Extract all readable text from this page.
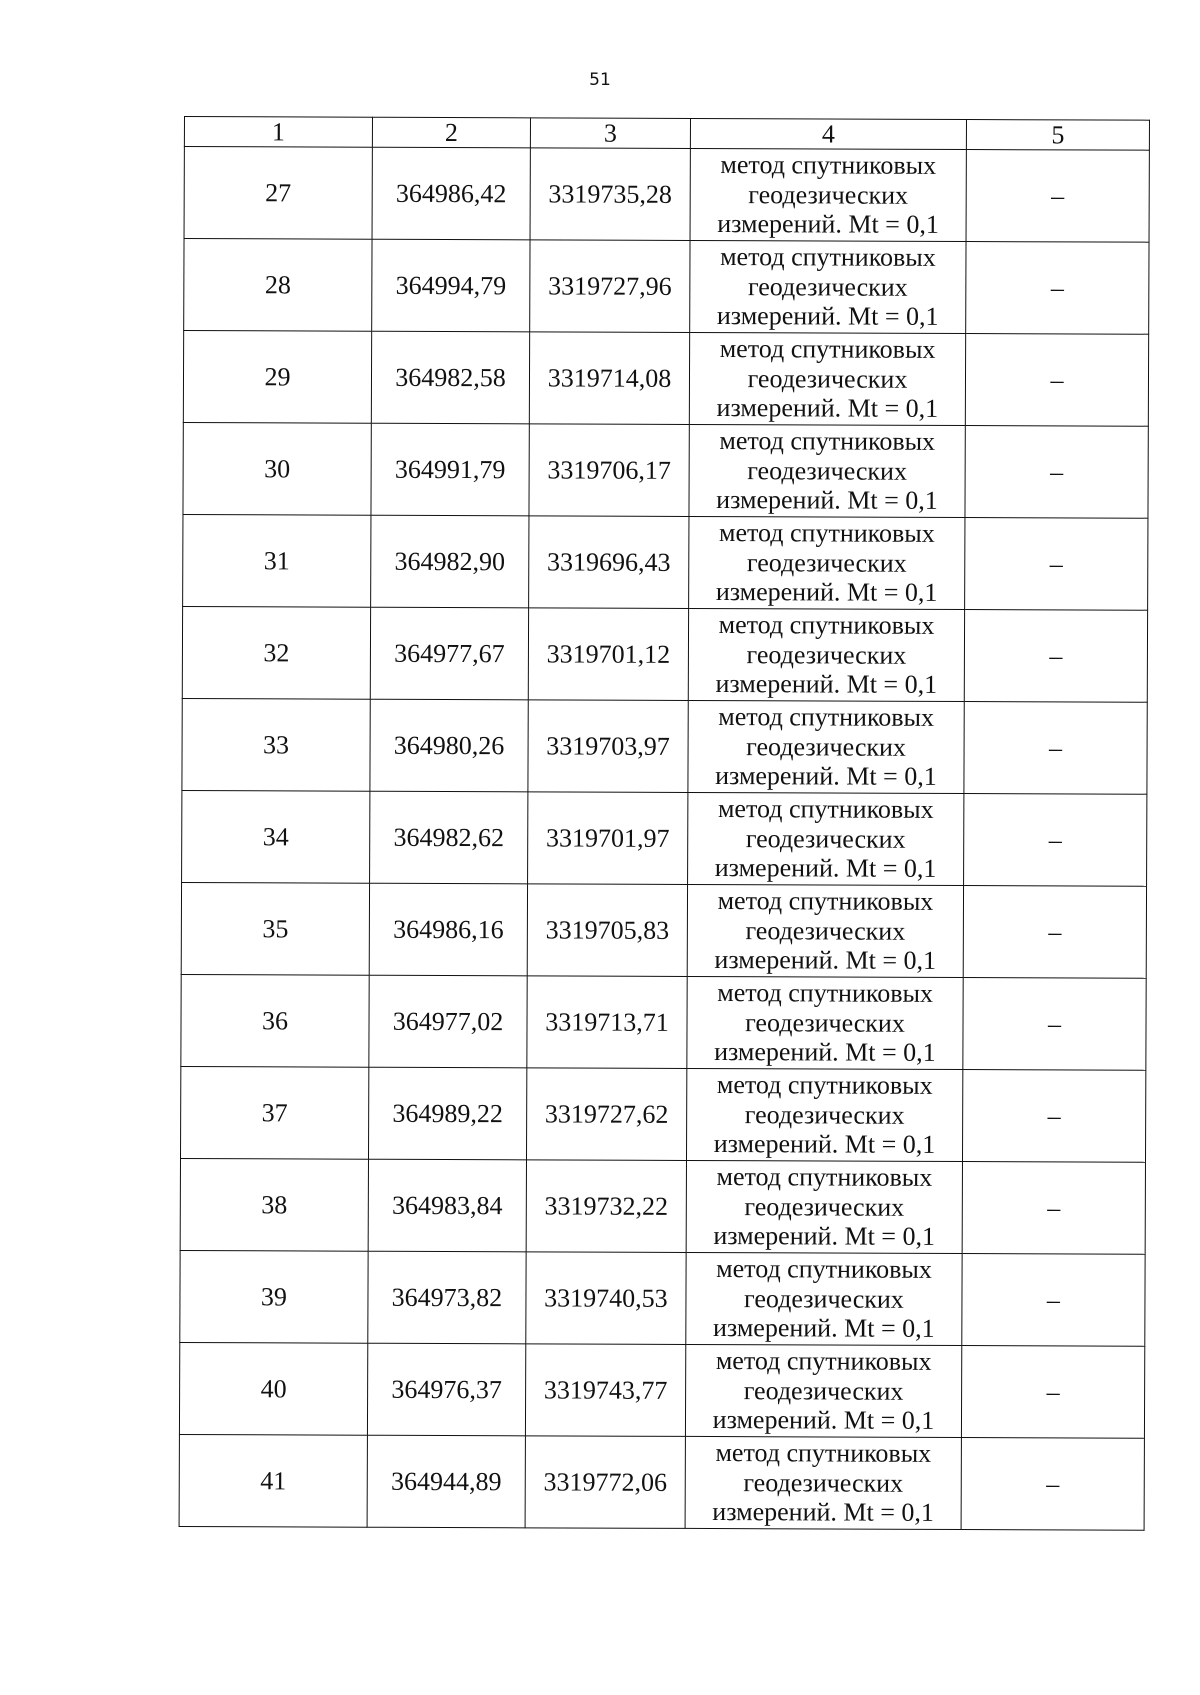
51
1	2	3	4	5
27	364986,42	3319735,28	метод спутниковых
геодезических
измерений. Mt = 0,1	–
28	364994,79	3319727,96	метод спутниковых
геодезических
измерений. Mt = 0,1	–
29	364982,58	3319714,08	метод спутниковых
геодезических
измерений. Mt = 0,1	–
30	364991,79	3319706,17	метод спутниковых
геодезических
измерений. Mt = 0,1	–
31	364982,90	3319696,43	метод спутниковых
геодезических
измерений. Mt = 0,1	–
32	364977,67	3319701,12	метод спутниковых
геодезических
измерений. Mt = 0,1	–
33	364980,26	3319703,97	метод спутниковых
геодезических
измерений. Mt = 0,1	–
34	364982,62	3319701,97	метод спутниковых
геодезических
измерений. Mt = 0,1	–
35	364986,16	3319705,83	метод спутниковых
геодезических
измерений. Mt = 0,1	–
36	364977,02	3319713,71	метод спутниковых
геодезических
измерений. Mt = 0,1	–
37	364989,22	3319727,62	метод спутниковых
геодезических
измерений. Mt = 0,1	–
38	364983,84	3319732,22	метод спутниковых
геодезических
измерений. Mt = 0,1	–
39	364973,82	3319740,53	метод спутниковых
геодезических
измерений. Mt = 0,1	–
40	364976,37	3319743,77	метод спутниковых
геодезических
измерений. Mt = 0,1	–
41	364944,89	3319772,06	метод спутниковых
геодезических
измерений. Mt = 0,1	–
